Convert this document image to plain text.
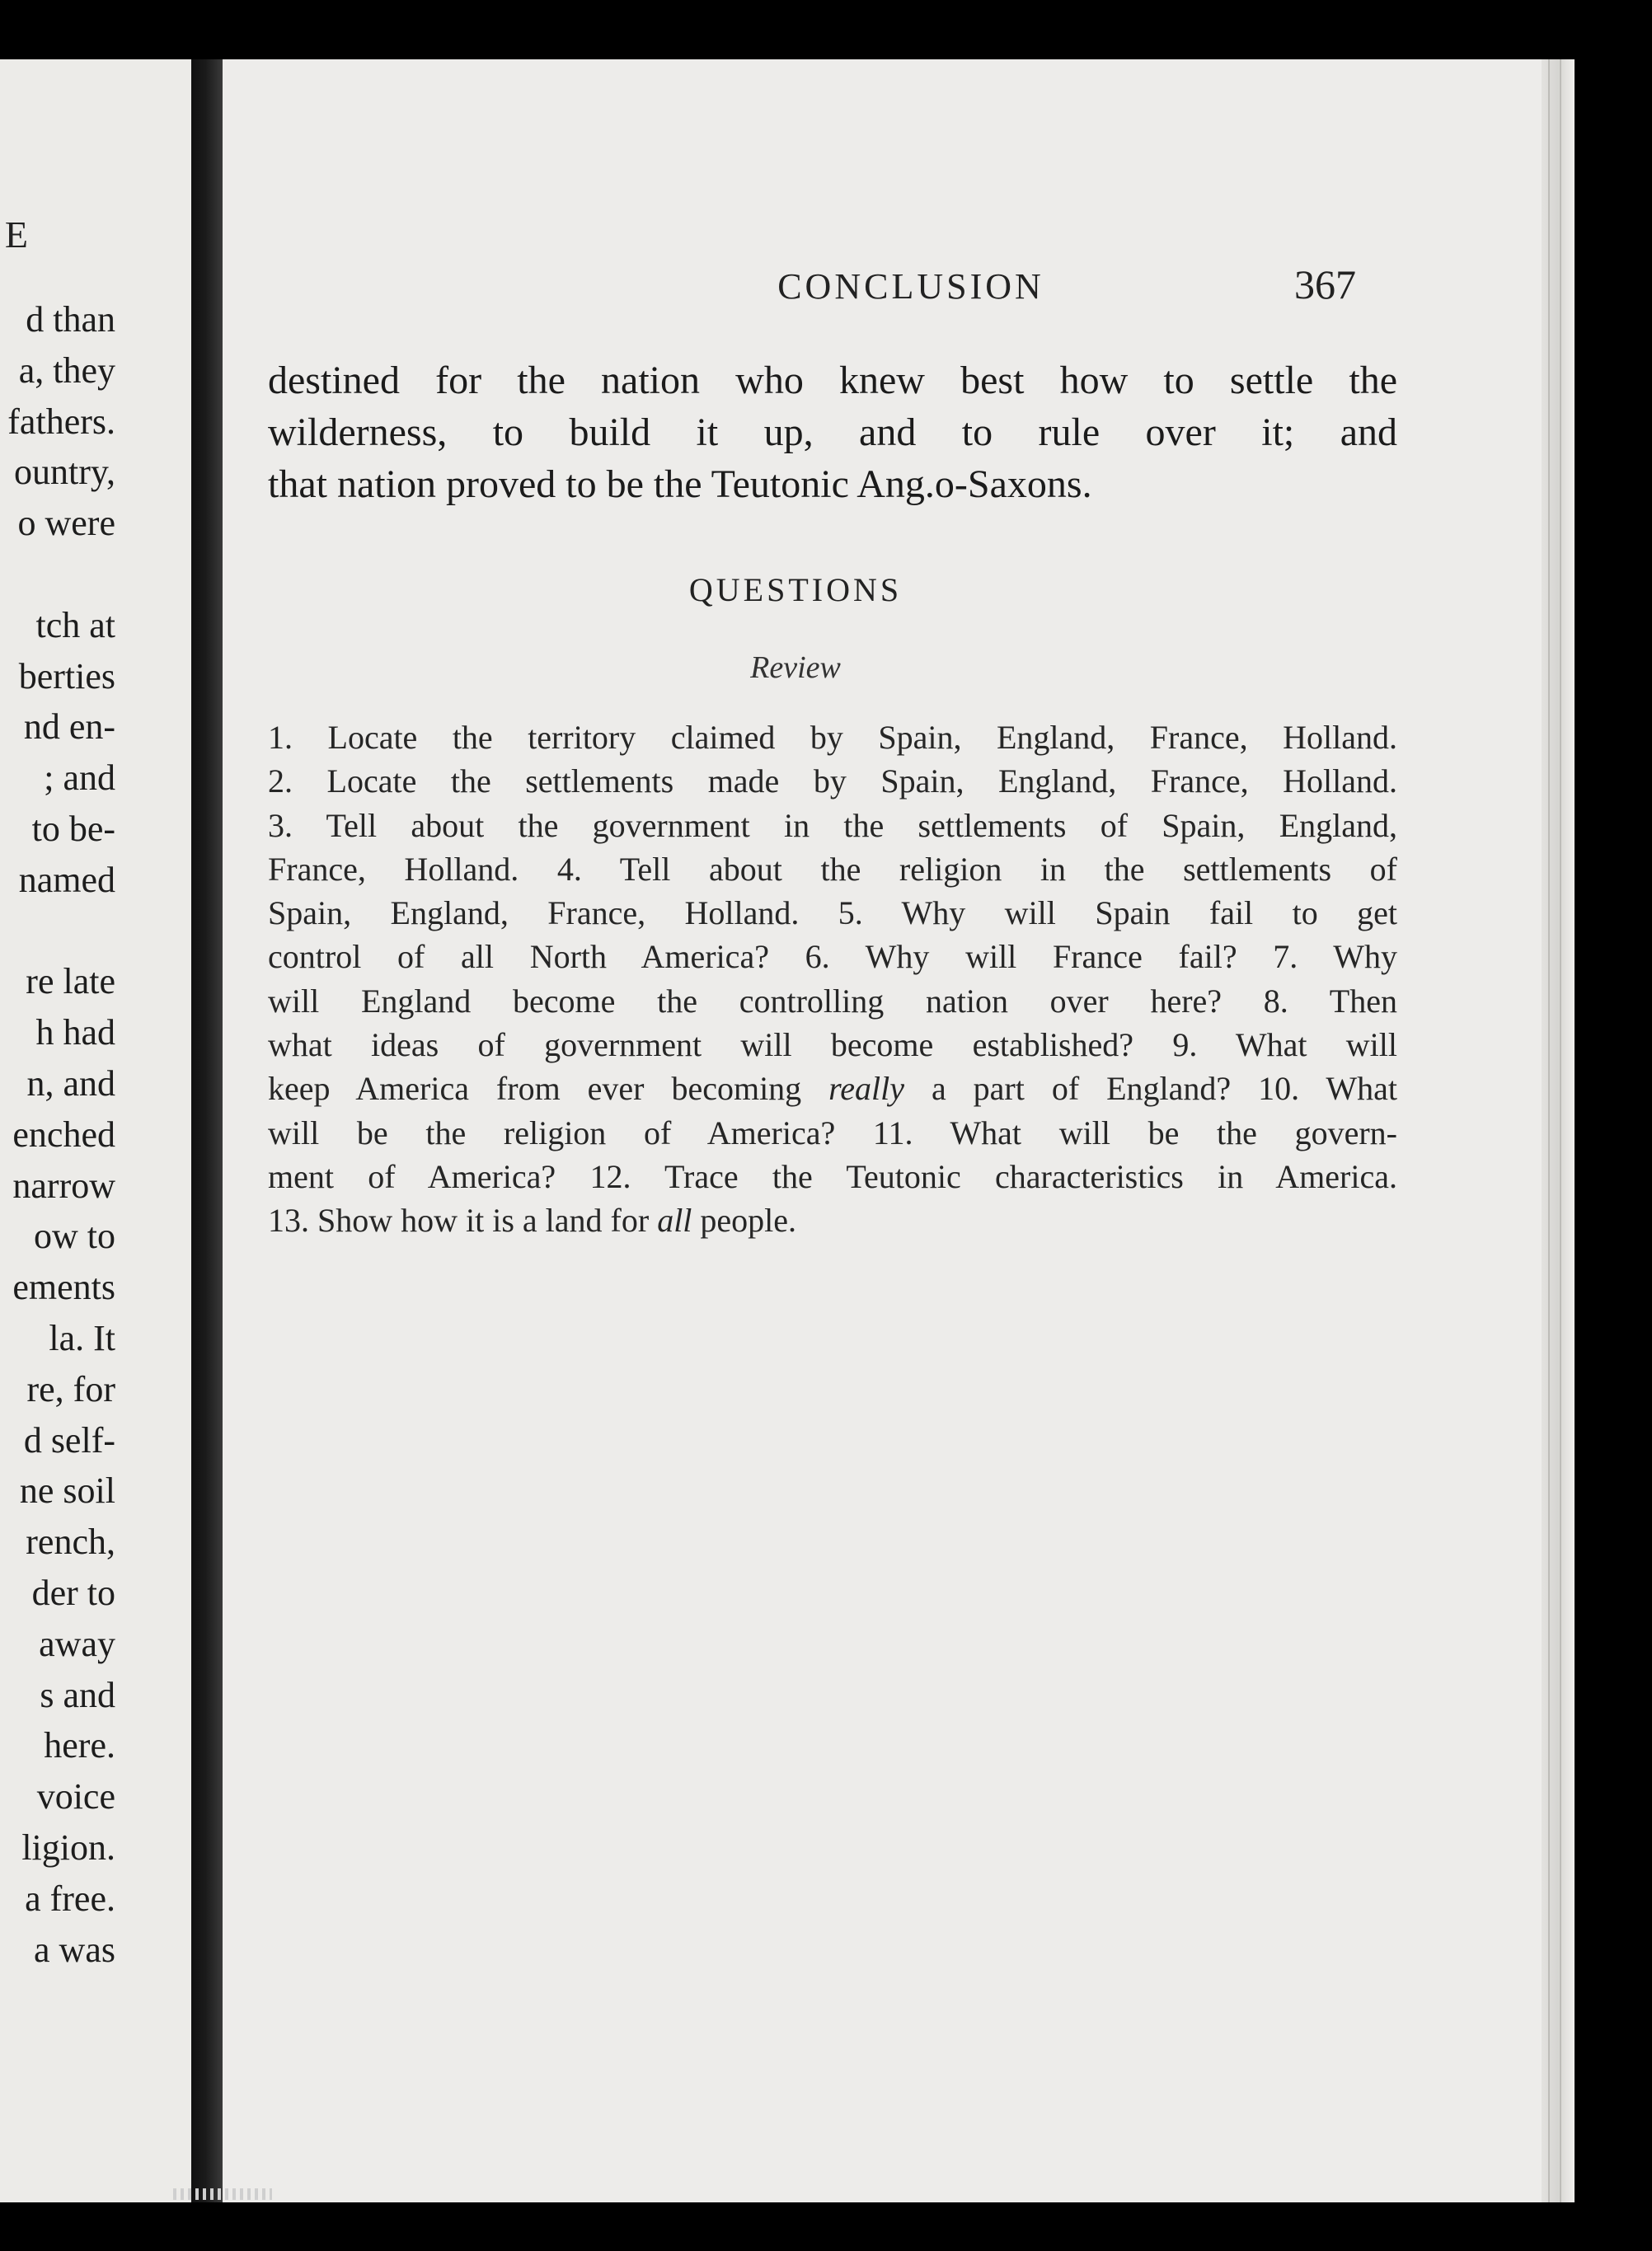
E
d than
a, they
fathers.
ountry,
o were
tch at
berties
nd en-
; and
to be-
named
re late
h had
n, and
enched
narrow
ow to
ements
la. It
re, for
d self-
ne soil
rench,
der to
away
s and
here.
voice
ligion.
a free.
a was
CONCLUSION	367
destined for the nation who knew best how to settle the
wilderness, to build it up, and to rule over it; and
that nation proved to be the Teutonic Ang.o-Saxons.
QUESTIONS
Review
1. Locate the territory claimed by Spain, England, France, Holland.
2. Locate the settlements made by Spain, England, France, Holland.
3. Tell about the government in the settlements of Spain, England,
France, Holland. 4. Tell about the religion in the settlements of
Spain, England, France, Holland. 5. Why will Spain fail to get
control of all North America? 6. Why will France fail? 7. Why
will England become the controlling nation over here? 8. Then
what ideas of government will become established? 9. What will
keep America from ever becoming really a part of England? 10. What
will be the religion of America? 11. What will be the govern-
ment of America? 12. Trace the Teutonic characteristics in America.
13. Show how it is a land for all people.
